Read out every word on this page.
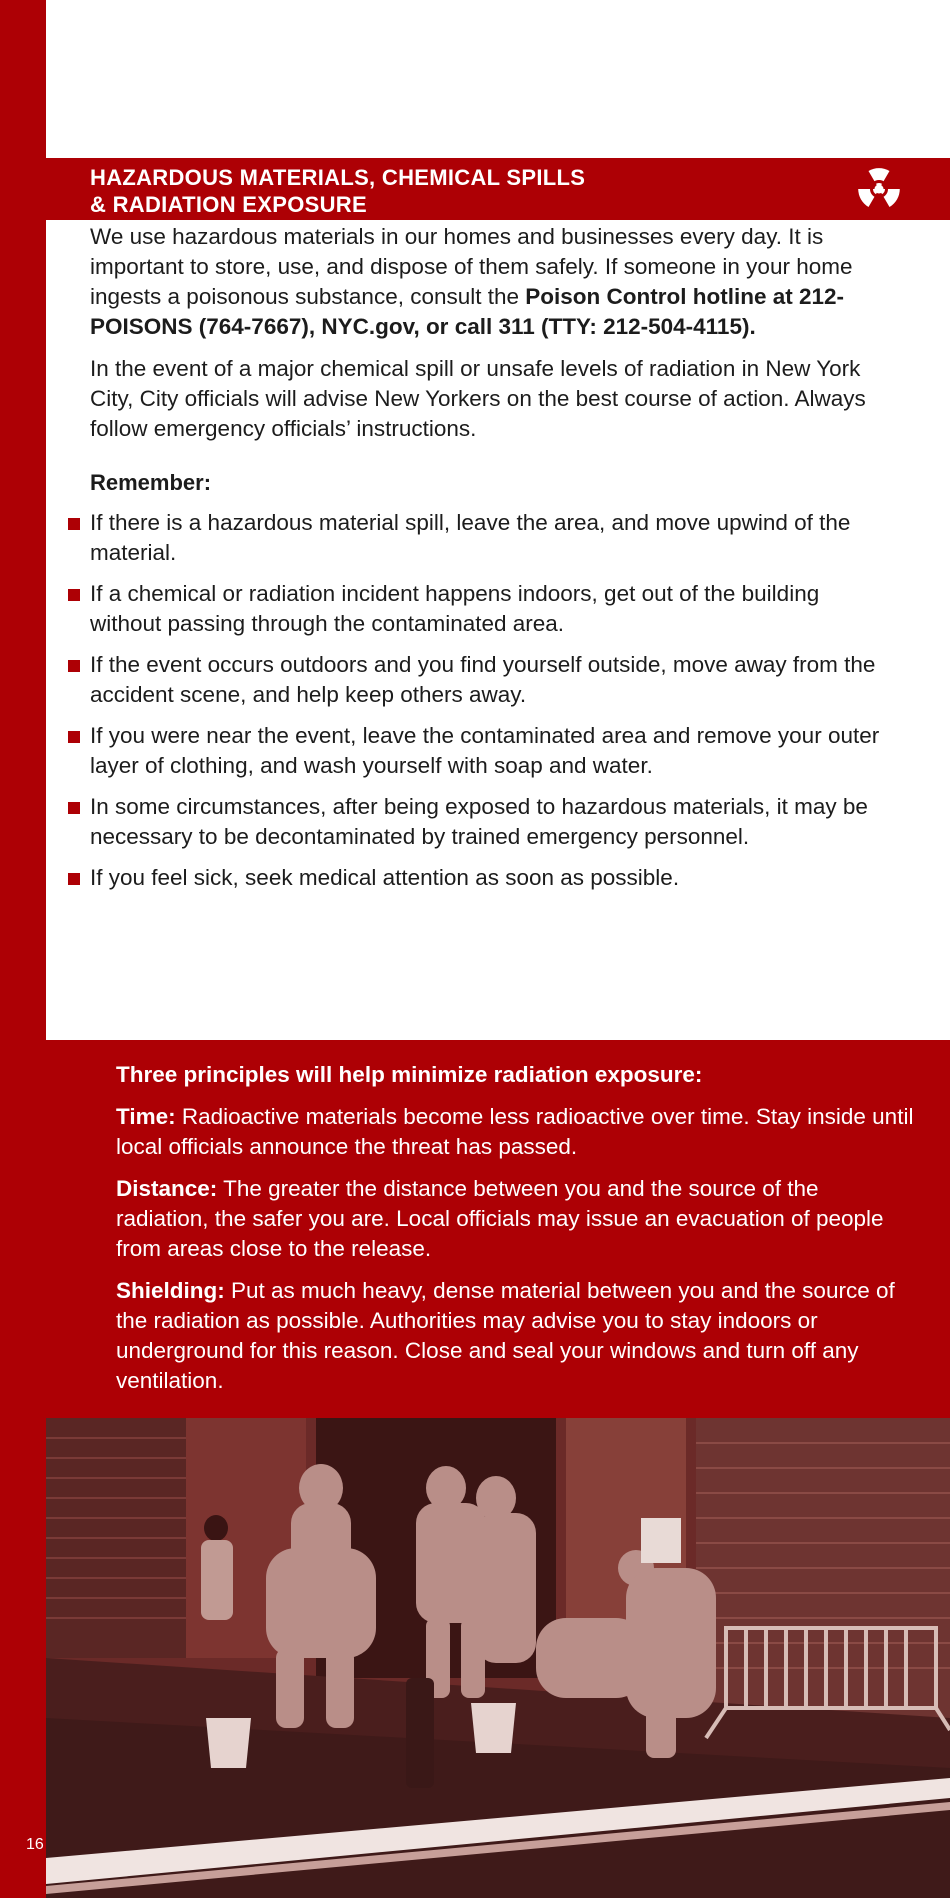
16
HAZARDOUS MATERIALS, CHEMICAL SPILLS
& RADIATION EXPOSURE

We use hazardous materials in our homes and businesses every day. It is important to store, use, and dispose of them safely. If someone in your home ingests a poisonous substance, consult the Poison Control hotline at 212-POISONS (764-7667), NYC.gov, or call 311 (TTY: 212-504-4115).

In the event of a major chemical spill or unsafe levels of radiation in New York City, City officials will advise New Yorkers on the best course of action. Always follow emergency officials’ instructions.

Remember:
If there is a hazardous material spill, leave the area, and move upwind of the material.
If a chemical or radiation incident happens indoors, get out of the building without passing through the contaminated area.
If the event occurs outdoors and you find yourself outside, move away from the accident scene, and help keep others away.
If you were near the event, leave the contaminated area and remove your outer layer of clothing, and wash yourself with soap and water.
In some circumstances, after being exposed to hazardous materials, it may be necessary to be decontaminated by trained emergency personnel.
If you feel sick, seek medical attention as soon as possible.

Three principles will help minimize radiation exposure:

Time: Radioactive materials become less radioactive over time. Stay inside until local officials announce the threat has passed.

Distance: The greater the distance between you and the source of the radiation, the safer you are. Local officials may issue an evacuation of people from areas close to the release.

Shielding: Put as much heavy, dense material between you and the source of the radiation as possible. Authorities may advise you to stay indoors or underground for this reason. Close and seal your windows and turn off any ventilation.
